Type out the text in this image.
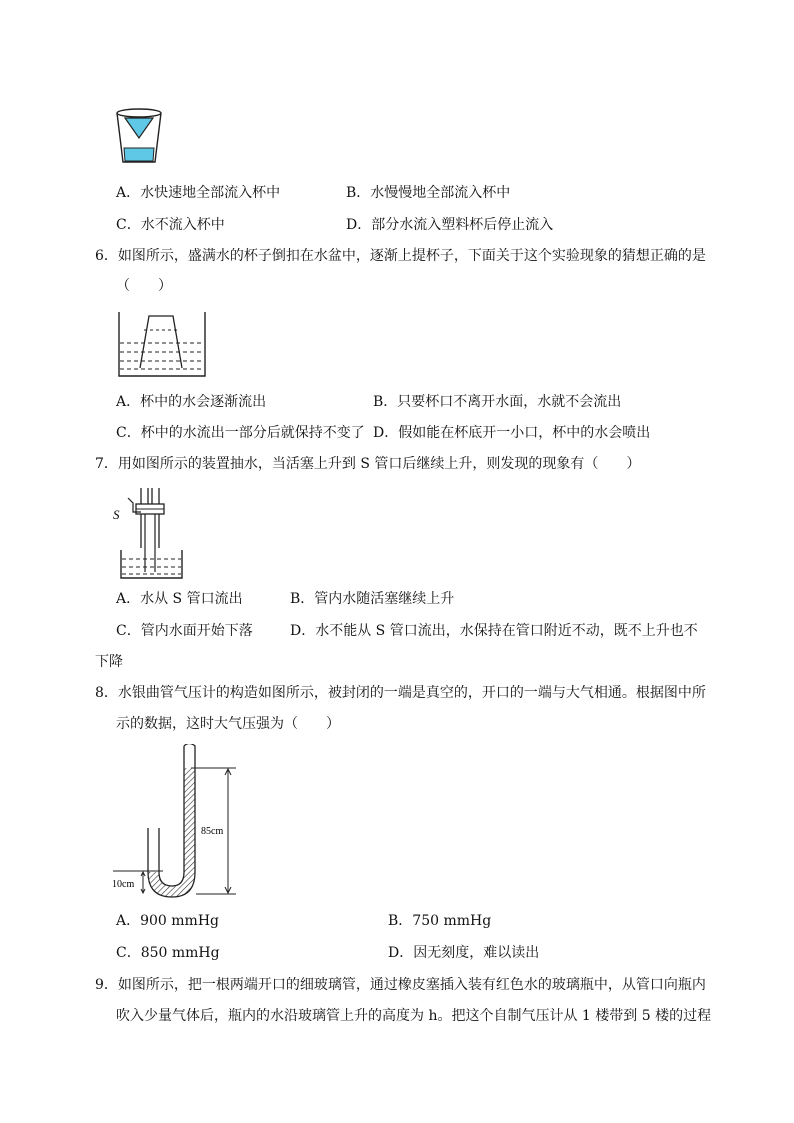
A．水快速地全部流入杯中	B．水慢慢地全部流入杯中
C．水不流入杯中	D．部分水流入塑料杯后停止流入
6．如图所示，盛满水的杯子倒扣在水盆中，逐渐上提杯子，下面关于这个实验现象的猜想正确的是
（　　）
A．杯中的水会逐渐流出	B．只要杯口不离开水面，水就不会流出
C．杯中的水流出一部分后就保持不变了 D．假如能在杯底开一小口，杯中的水会喷出
7．用如图所示的装置抽水，当活塞上升到 S 管口后继续上升，则发现的现象有（　　）
S
A．水从 S 管口流出	B．管内水随活塞继续上升
C．管内水面开始下落	D．水不能从 S 管口流出，水保持在管口附近不动，既不上升也不
下降
8．水银曲管气压计的构造如图所示，被封闭的一端是真空的，开口的一端与大气相通。根据图中所
示的数据，这时大气压强为（　　）
85cm
10cm
A．900 mmHg	B．750 mmHg
C．850 mmHg	D．因无刻度，难以读出
9．如图所示，把一根两端开口的细玻璃管，通过橡皮塞插入装有红色水的玻璃瓶中，从管口向瓶内
吹入少量气体后，瓶内的水沿玻璃管上升的高度为 h。把这个自制气压计从 1 楼带到 5 楼的过程
